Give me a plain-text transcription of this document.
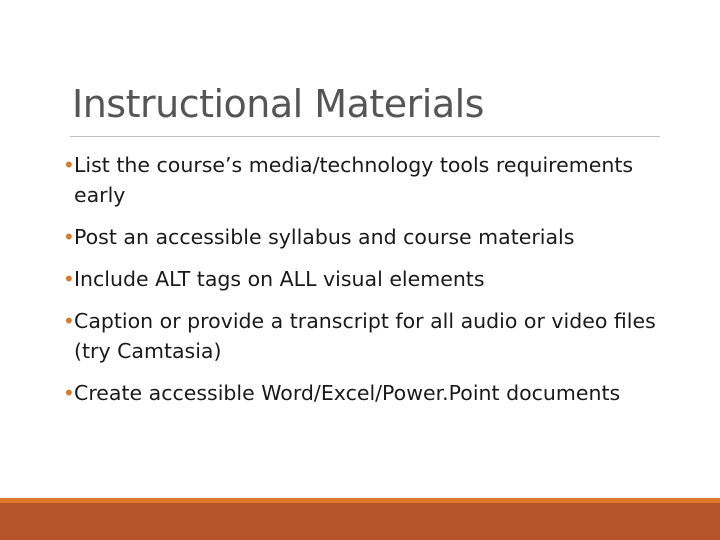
Instructional Materials
• List the course’s media/technology tools requirements early
• Post an accessible syllabus and course materials
• Include ALT tags on ALL visual elements
• Caption or provide a transcript for all audio or video files (try Camtasia)
• Create accessible Word/Excel/Power.Point documents
